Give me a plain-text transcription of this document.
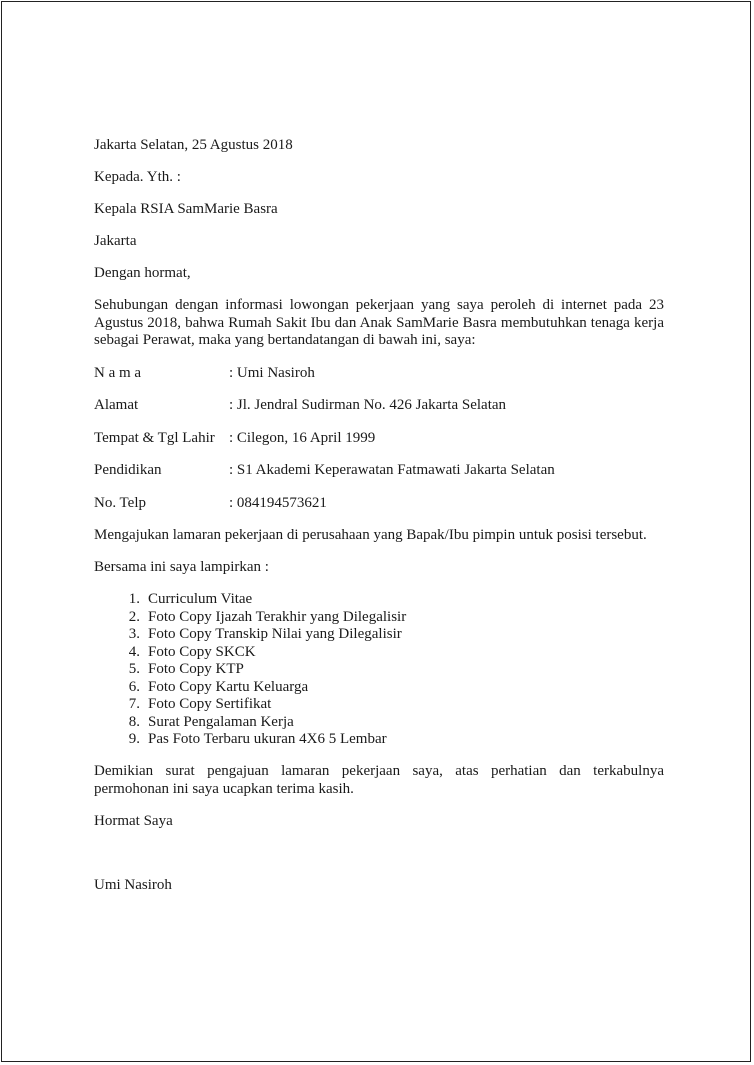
Jakarta Selatan, 25 Agustus 2018

Kepada. Yth. :

Kepala RSIA SamMarie Basra

Jakarta

Dengan hormat,

Sehubungan dengan informasi lowongan pekerjaan yang saya peroleh di internet pada 23 Agustus 2018, bahwa Rumah Sakit Ibu dan Anak SamMarie Basra membutuhkan tenaga kerja sebagai Perawat, maka yang bertandatangan di bawah ini, saya:

N a m a	: Umi Nasiroh
Alamat	: Jl. Jendral Sudirman No. 426 Jakarta Selatan
Tempat & Tgl Lahir : Cilegon, 16 April 1999
Pendidikan	: S1 Akademi Keperawatan Fatmawati Jakarta Selatan
No. Telp	: 084194573621

Mengajukan lamaran pekerjaan di perusahaan yang Bapak/Ibu pimpin untuk posisi tersebut.

Bersama ini saya lampirkan :

1. Curriculum Vitae
2. Foto Copy Ijazah Terakhir yang Dilegalisir
3. Foto Copy Transkip Nilai yang Dilegalisir
4. Foto Copy SKCK
5. Foto Copy KTP
6. Foto Copy Kartu Keluarga
7. Foto Copy Sertifikat
8. Surat Pengalaman Kerja
9. Pas Foto Terbaru ukuran 4X6 5 Lembar

Demikian surat pengajuan lamaran pekerjaan saya, atas perhatian dan terkabulnya permohonan ini saya ucapkan terima kasih.

Hormat Saya

Umi Nasiroh
